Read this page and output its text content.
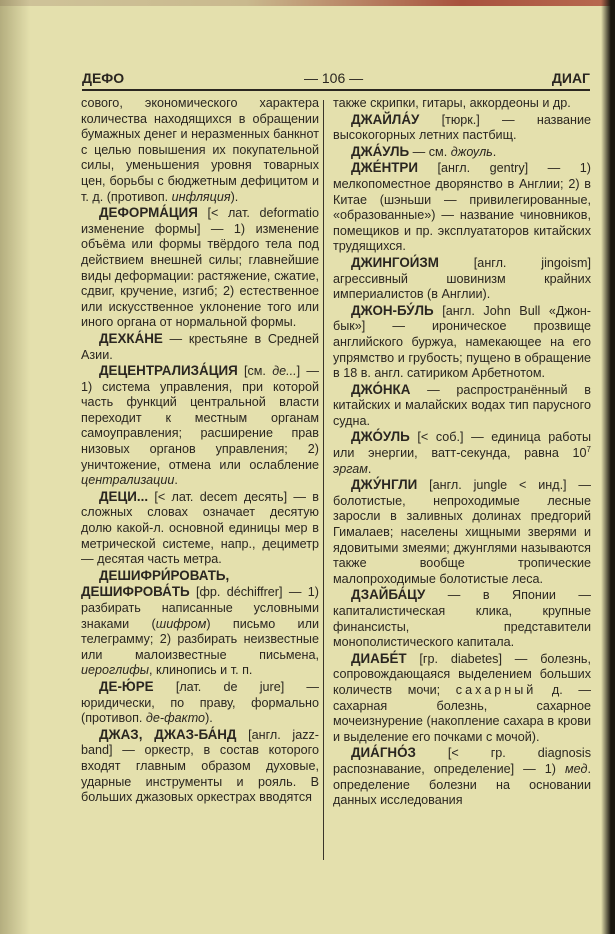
ДЕФО	— 106 —	ДИАГ

сового, экономического характера количества находящихся в обращении бумажных денег и неразменных банкнот с целью повышения их покупательной силы, уменьшения уровня товарных цен, борьбы с бюджетным дефицитом и т. д. (противоп. инфляция).

ДЕФОРМА́ЦИЯ [< лат. deformatio изменение формы] — 1) изменение объёма или формы твёрдого тела под действием внешней силы; главнейшие виды деформации: растяжение, сжатие, сдвиг, кручение, изгиб; 2) естественное или искусственное уклонение того или иного органа от нормальной формы.

ДЕХКА́НЕ — крестьяне в Средней Азии.

ДЕЦЕНТРАЛИЗА́ЦИЯ [см. де...] — 1) система управления, при которой часть функций центральной власти переходит к местным органам самоуправления; расширение прав низовых органов управления; 2) уничтожение, отмена или ослабление централизации.

ДЕЦИ... [< лат. decem десять] — в сложных словах означает десятую долю какой-л. основной единицы мер в метрической системе, напр., дециметр — десятая часть метра.

ДЕШИФРИ́РОВАТЬ, ДЕШИФРОВА́ТЬ [фр. déchiffrer] — 1) разбирать написанные условными знаками (шифром) письмо или телеграмму; 2) разбирать неизвестные или малоизвестные письмена, иероглифы, клинопись и т. п.

ДЕ-Ю́РЕ [лат. de jure] — юридически, по праву, формально (противоп. де-факто).

ДЖАЗ, ДЖАЗ-БА́НД [англ. jazz-band] — оркестр, в состав которого входят главным образом духовые, ударные инструменты и рояль. В больших джазовых оркестрах вводятся

также скрипки, гитары, аккордеоны и др.

ДЖАЙЛА́У [тюрк.] — название высокогорных летних пастбищ.

ДЖА́УЛЬ — см. джоуль.

ДЖЕ́НТРИ [англ. gentry] — 1) мелкопоместное дворянство в Англии; 2) в Китае (шэньши — привилегированные, «образованные») — название чиновников, помещиков и пр. эксплуататоров китайских трудящихся.

ДЖИНГОИ́ЗМ [англ. jingoism] агрессивный шовинизм крайних империалистов (в Англии).

ДЖОН-БУ́ЛЬ [англ. John Bull «Джон-бык»] — ироническое прозвище английского буржуа, намекающее на его упрямство и грубость; пущено в обращение в 18 в. англ. сатириком Арбетнотом.

ДЖО́НКА — распространённый в китайских и малайских водах тип парусного судна.

ДЖО́УЛЬ [< соб.] — единица работы или энергии, ватт-секунда, равна $10^7$ эргам.

ДЖУ́НГЛИ [англ. jungle < инд.] — болотистые, непроходимые лесные заросли в заливных долинах предгорий Гималаев; населены хищными зверями и ядовитыми змеями; джунглями называются также вообще тропические малопроходимые болотистые леса.

ДЗАЙБА́ЦУ — в Японии — капиталистическая клика, крупные финансисты, представители монополистического капитала.

ДИАБЕ́Т [гр. diabetes] — болезнь, сопровождающаяся выделением больших количеств мочи; сахарный д. — сахарная болезнь, сахарное мочеизнурение (накопление сахара в крови и выделение его почками с мочой).

ДИА́ГНО́З [< гр. diagnosis распознавание, определение] — 1) мед. определение болезни на основании данных исследования
